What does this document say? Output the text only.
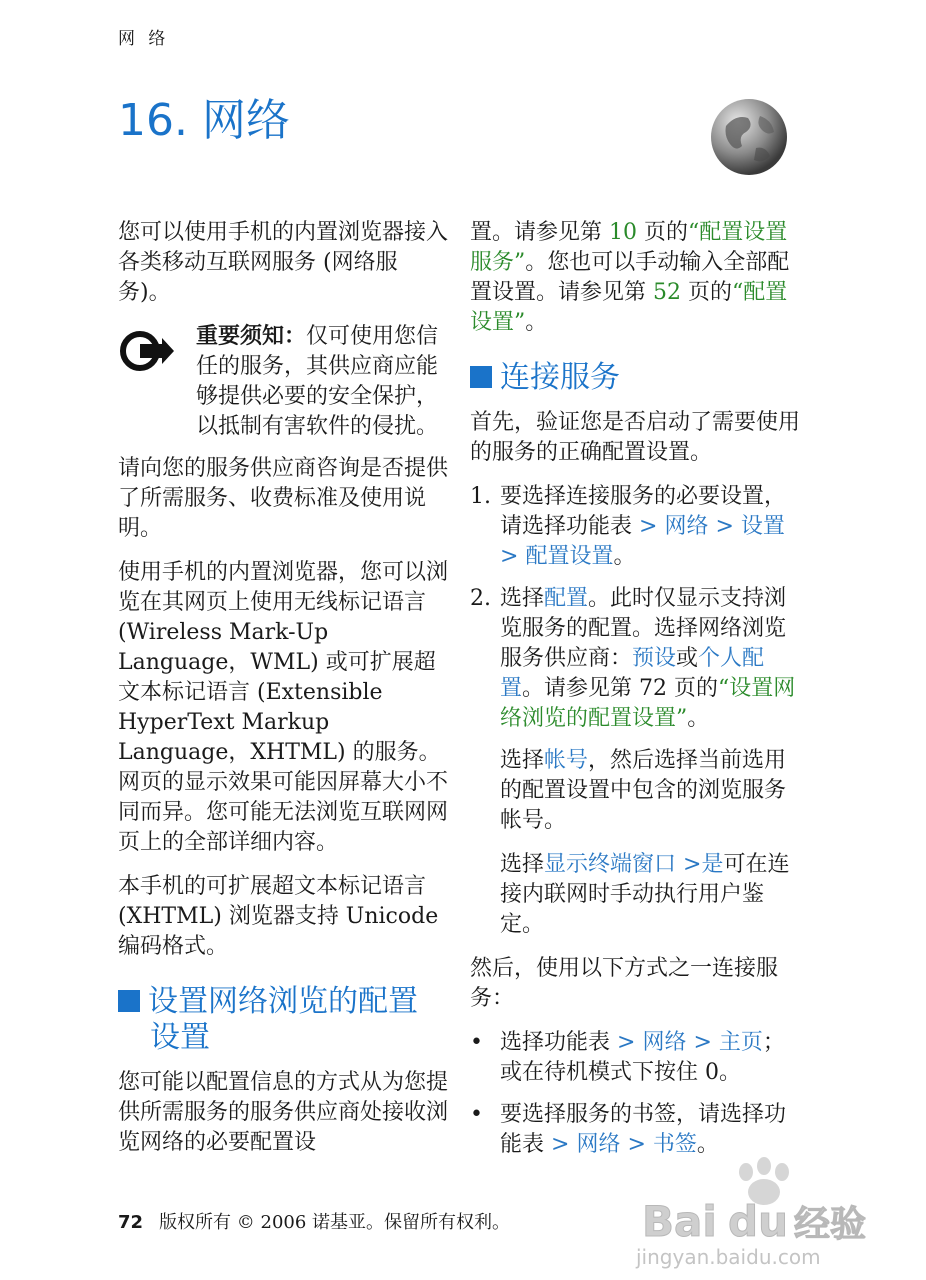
网 络
16. 网络

您可以使用手机的内置浏览器接入各类移动互联网服务 (网络服务)。

重要须知：仅可使用您信任的服务，其供应商应能够提供必要的安全保护，以抵制有害软件的侵扰。

请向您的服务供应商咨询是否提供了所需服务、收费标准及使用说明。

使用手机的内置浏览器，您可以浏览在其网页上使用无线标记语言 (Wireless Mark-Up Language，WML) 或可扩展超文本标记语言 (Extensible HyperText Markup Language，XHTML) 的服务。网页的显示效果可能因屏幕大小不同而异。您可能无法浏览互联网网页上的全部详细内容。

本手机的可扩展超文本标记语言 (XHTML) 浏览器支持 Unicode 编码格式。

设置网络浏览的配置
设置

您可能以配置信息的方式从为您提供所需服务的服务供应商处接收浏览网络的必要配置设

置。请参见第 10 页的“配置设置服务”。您也可以手动输入全部配置设置。请参见第 52 页的“配置设置”。

连接服务

首先，验证您是否启动了需要使用的服务的正确配置设置。

1. 要选择连接服务的必要设置，请选择功能表 > 网络 > 设置 > 配置设置。
2. 选择配置。此时仅显示支持浏览服务的配置。选择网络浏览服务供应商：预设或个人配置。请参见第 72 页的“设置网络浏览的配置设置”。

选择帐号，然后选择当前选用的配置设置中包含的浏览服务帐号。

选择显示终端窗口 >是可在连接内联网时手动执行用户鉴定。

然后，使用以下方式之一连接服务：

• 选择功能表 > 网络 > 主页；或在待机模式下按住 0。
• 要选择服务的书签，请选择功能表 > 网络 > 书签。
72 版权所有 © 2006 诺基亚。保留所有权利。	Bai du 经验
jingyan.baidu.com
